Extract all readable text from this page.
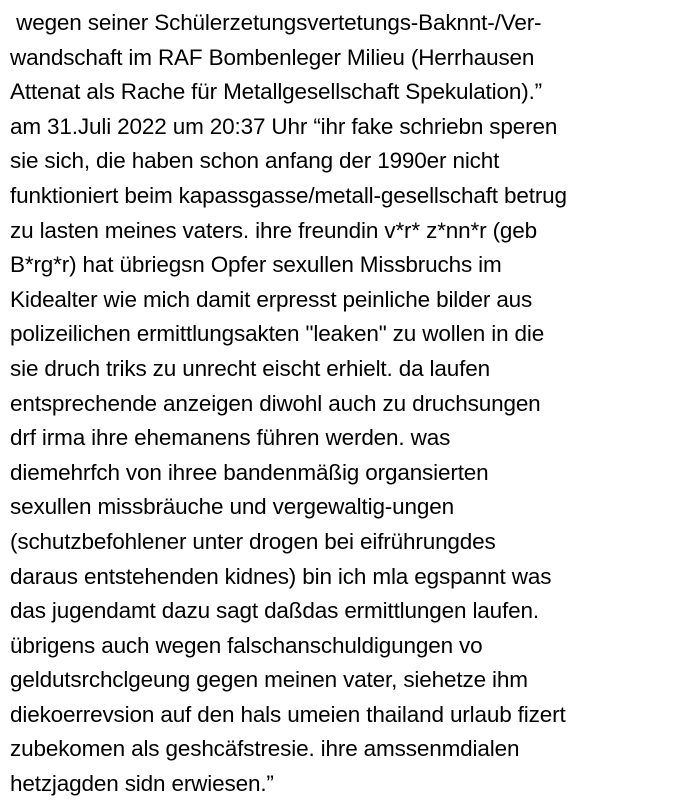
wegen seiner Schülerzetungsvertetungs-Baknnt-/Ver-
wandschaft im RAF Bombenleger Milieu (Herrhausen
Attenat als Rache für Metallgesellschaft Spekulation).”
am 31.Juli 2022 um 20:37 Uhr “ihr fake schriebn speren
sie sich, die haben schon anfang der 1990er nicht
funktioniert beim kapassgasse/metall-gesellschaft betrug
zu lasten meines vaters. ihre freundin v*r* z*nn*r (geb
B*rg*r) hat übriegsn Opfer sexullen Missbruchs im
Kidealter wie mich damit erpresst peinliche bilder aus
polizeilichen ermittlungsakten "leaken" zu wollen in die
sie druch triks zu unrecht eischt erhielt. da laufen
entsprechende anzeigen diwohl auch zu druchsungen
drf irma ihre ehemanens führen werden. was
diemehrfch von ihree bandenmäßig organsierten
sexullen missbräuche und vergewaltig-ungen
(schutzbefohlener unter drogen bei eifrührungdes
daraus entstehenden kidnes) bin ich mla egspannt was
das jugendamt dazu sagt daßdas ermittlungen laufen.
übrigens auch wegen falschanschuldigungen vo
geldutsrchclgeung gegen meinen vater, siehetze ihm
diekoerrevsion auf den hals umeien thailand urlaub fizert
zubekomen als geshcäfstresie. ihre amssenmdialen
hetzjagden sidn erwiesen.”
